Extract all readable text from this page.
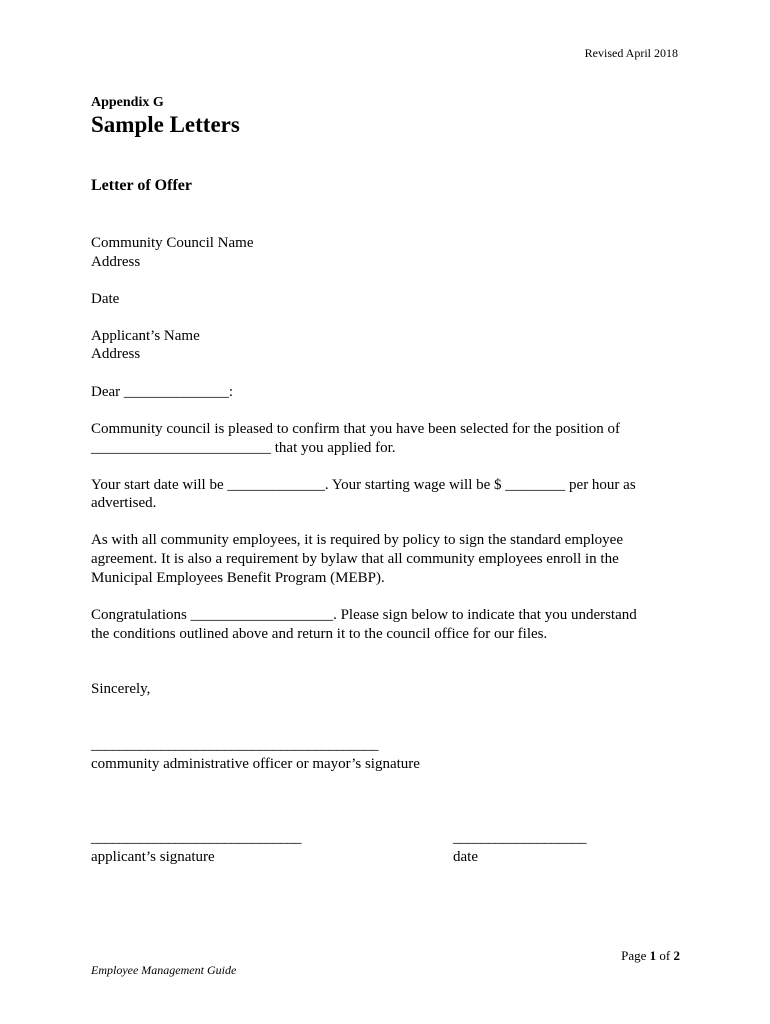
Revised April 2018
Appendix G
Sample Letters
Letter of Offer
Community Council Name
Address
Date
Applicant’s Name
Address
Dear ______________:
Community council is pleased to confirm that you have been selected for the position of
________________________ that you applied for.
Your start date will be _____________. Your starting wage will be $ ________ per hour as
advertised.
As with all community employees, it is required by policy to sign the standard employee
agreement. It is also a requirement by bylaw that all community employees enroll in the
Municipal Employees Benefit Program (MEBP).
Congratulations ___________________. Please sign below to indicate that you understand
the conditions outlined above and return it to the council office for our files.
Sincerely,
_________________________________________
community administrative officer or mayor’s signature
______________________________
applicant’s signature
___________________
date
Page 1 of 2
Employee Management Guide
